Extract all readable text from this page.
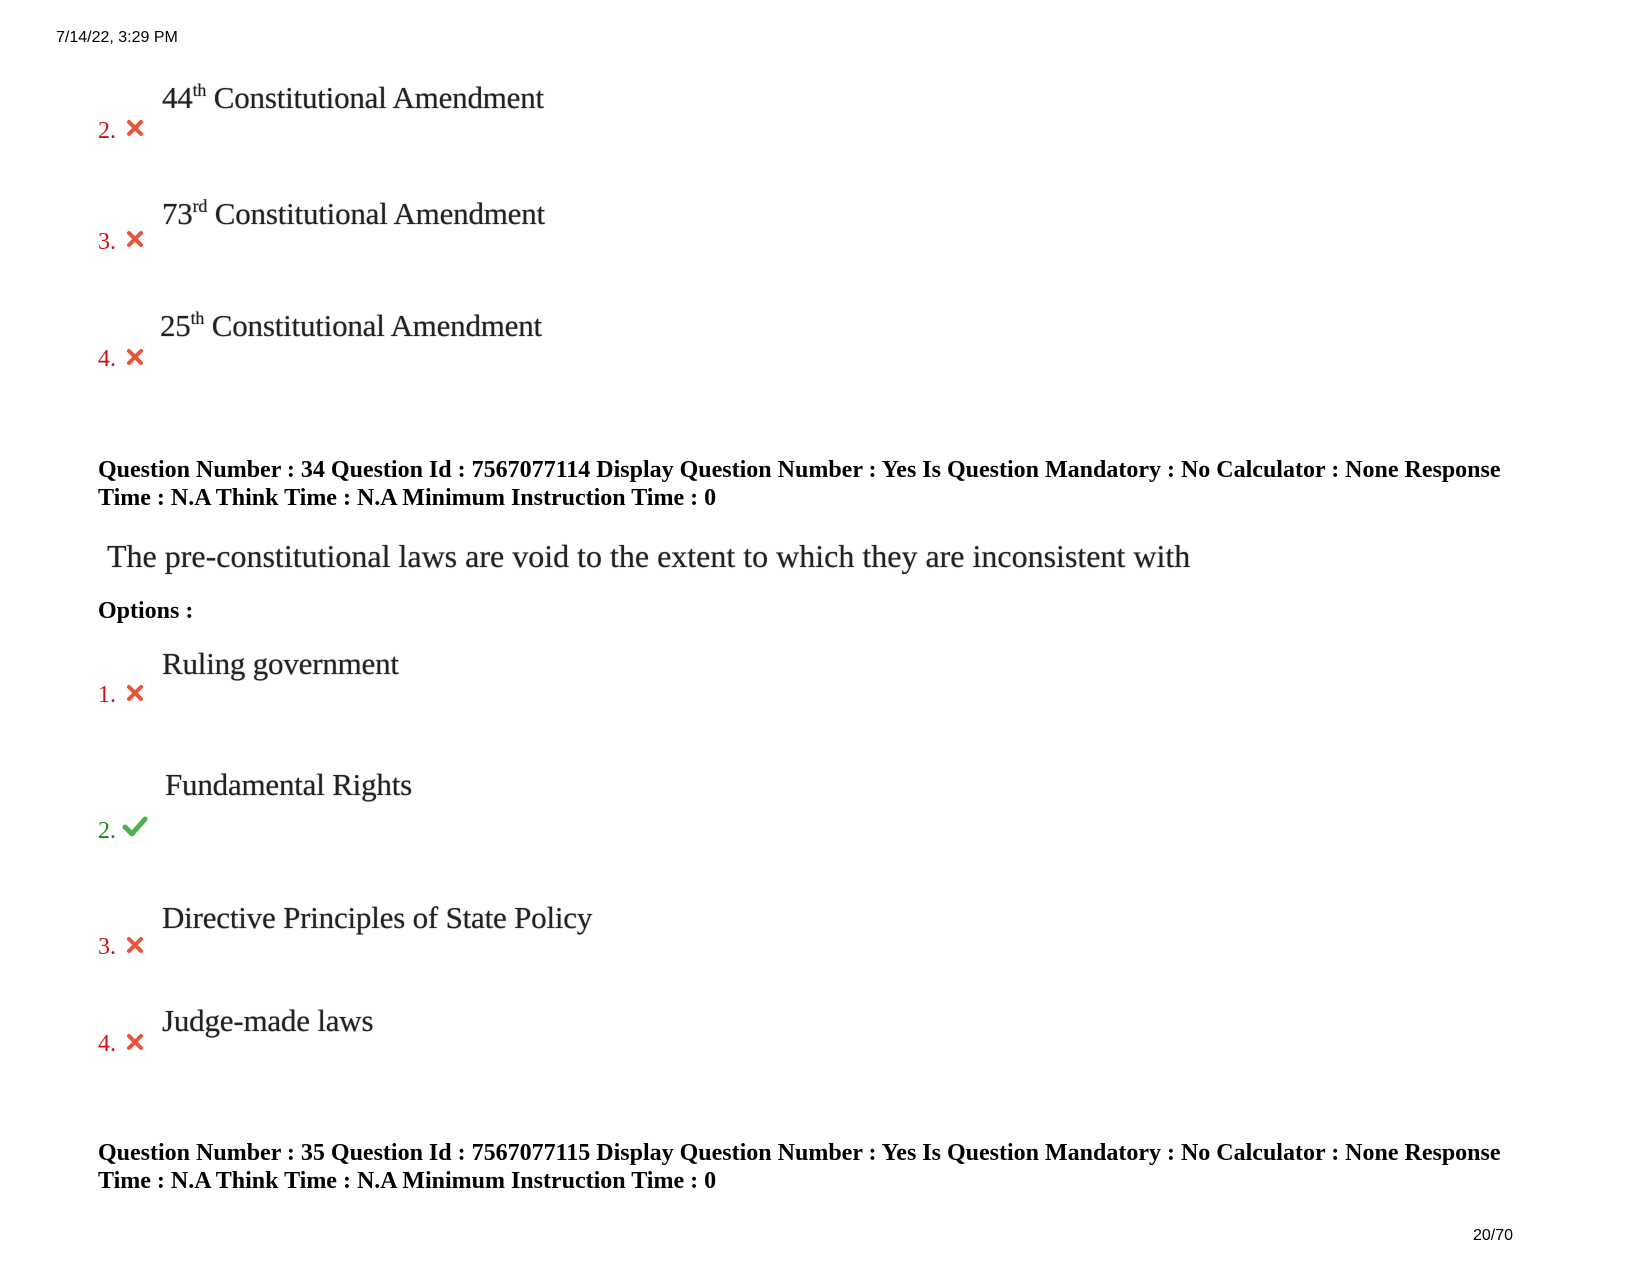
7/14/22, 3:29 PM
44th Constitutional Amendment
2.
73rd Constitutional Amendment
3.
25th Constitutional Amendment
4.
Question Number : 34 Question Id : 7567077114 Display Question Number : Yes Is Question Mandatory : No Calculator : None Response
Time : N.A Think Time : N.A Minimum Instruction Time : 0
The pre-constitutional laws are void to the extent to which they are inconsistent with
Options :
Ruling government
1.
Fundamental Rights
2.
Directive Principles of State Policy
3.
Judge-made laws
4.
Question Number : 35 Question Id : 7567077115 Display Question Number : Yes Is Question Mandatory : No Calculator : None Response
Time : N.A Think Time : N.A Minimum Instruction Time : 0
20/70
